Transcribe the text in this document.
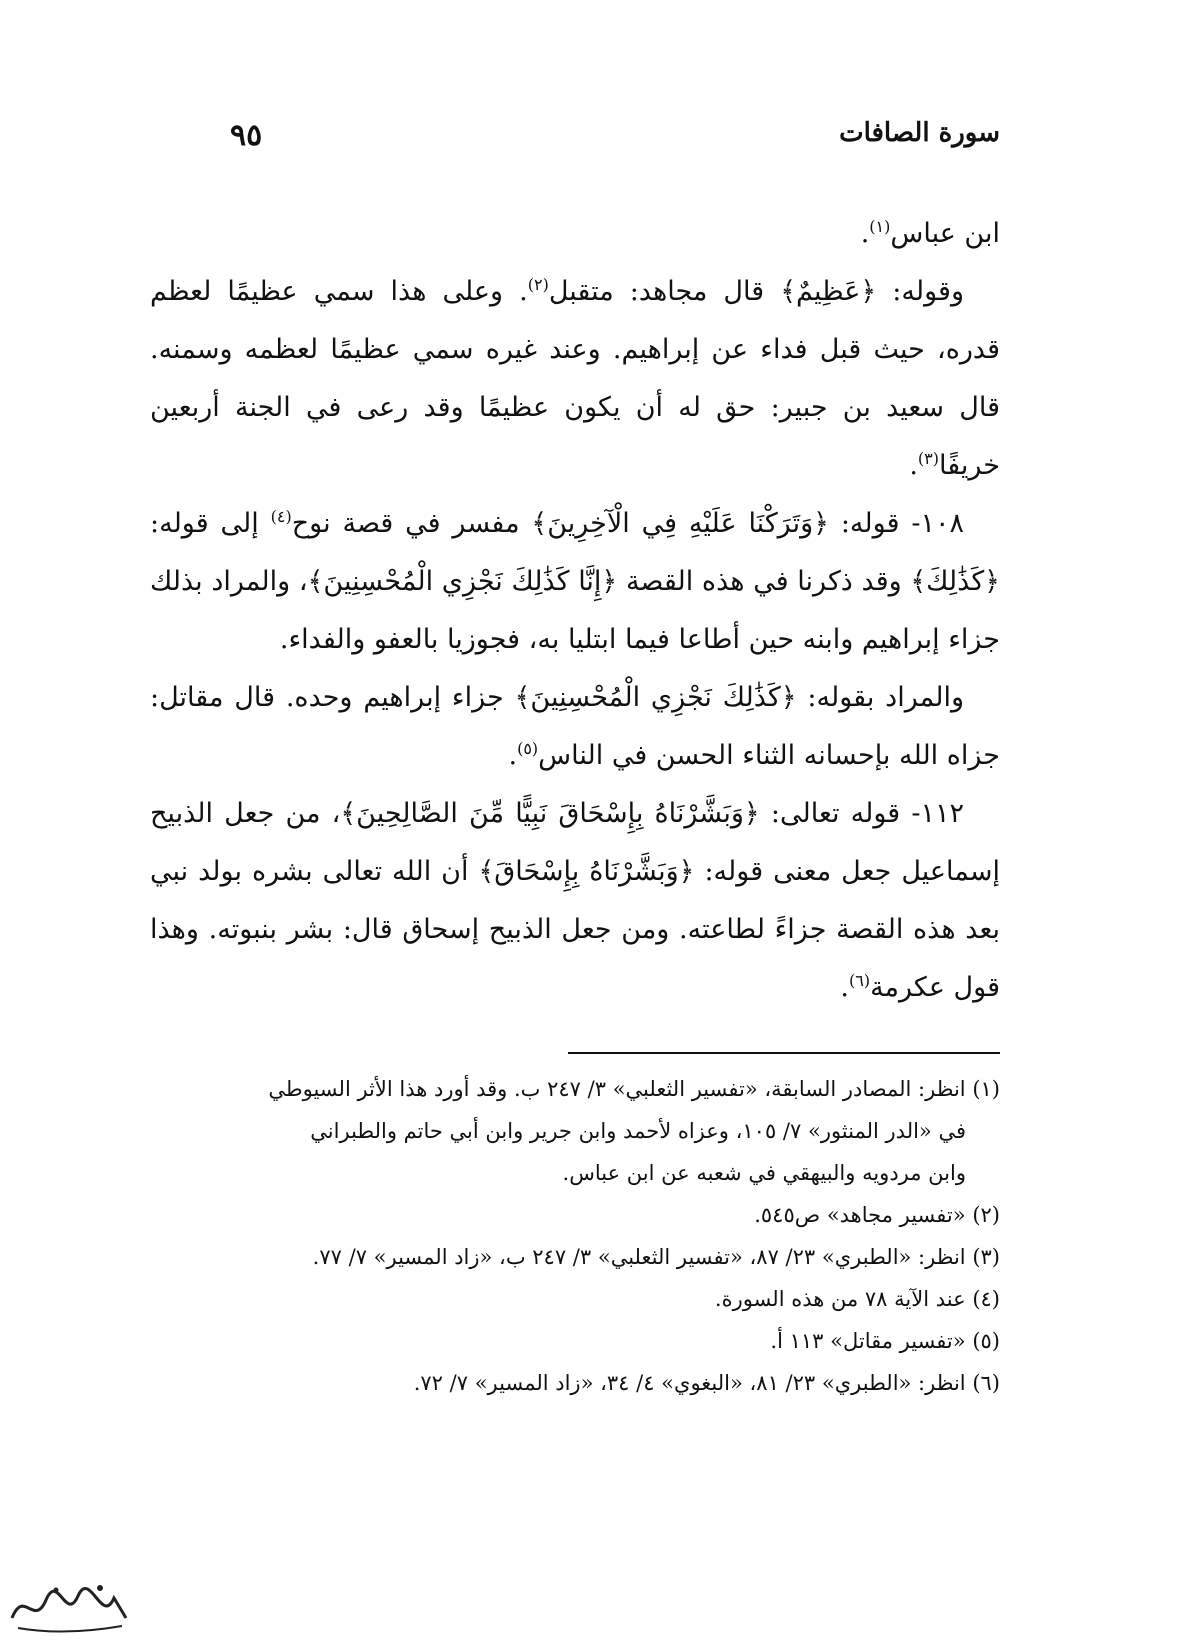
سورة الصافات
٩٥

ابن عباس$^{(١)}$.

وقوله: ﴿عَظِيمٌ﴾ قال مجاهد: متقبل$^{(٢)}$. وعلى هذا سمي عظيمًا لعظم قدره، حيث قبل فداء عن إبراهيم. وعند غيره سمي عظيمًا لعظمه وسمنه. قال سعيد بن جبير: حق له أن يكون عظيمًا وقد رعى في الجنة أربعين خريفًا$^{(٣)}$.

١٠٨- قوله: ﴿وَتَرَكْنَا عَلَيْهِ فِي الْآخِرِينَ﴾ مفسر في قصة نوح$^{(٤)}$ إلى قوله: ﴿كَذَٰلِكَ﴾ وقد ذكرنا في هذه القصة ﴿إِنَّا كَذَٰلِكَ نَجْزِي الْمُحْسِنِينَ﴾، والمراد بذلك جزاء إبراهيم وابنه حين أطاعا فيما ابتليا به، فجوزيا بالعفو والفداء.

والمراد بقوله: ﴿كَذَٰلِكَ نَجْزِي الْمُحْسِنِينَ﴾ جزاء إبراهيم وحده. قال مقاتل: جزاه الله بإحسانه الثناء الحسن في الناس$^{(٥)}$.

١١٢- قوله تعالى: ﴿وَبَشَّرْنَاهُ بِإِسْحَاقَ نَبِيًّا مِّنَ الصَّالِحِينَ﴾، من جعل الذبيح إسماعيل جعل معنى قوله: ﴿وَبَشَّرْنَاهُ بِإِسْحَاقَ﴾ أن الله تعالى بشره بولد نبي بعد هذه القصة جزاءً لطاعته. ومن جعل الذبيح إسحاق قال: بشر بنبوته. وهذا قول عكرمة$^{(٦)}$.

(١) انظر: المصادر السابقة، «تفسير الثعلبي» ٣/ ٢٤٧ ب. وقد أورد هذا الأثر السيوطي

في «الدر المنثور» ٧/ ١٠٥، وعزاه لأحمد وابن جرير وابن أبي حاتم والطبراني

وابن مردويه والبيهقي في شعبه عن ابن عباس.

(٢) «تفسير مجاهد» ص٥٤٥.

(٣) انظر: «الطبري» ٢٣/ ٨٧، «تفسير الثعلبي» ٣/ ٢٤٧ ب، «زاد المسير» ٧/ ٧٧.

(٤) عند الآية ٧٨ من هذه السورة.

(٥) «تفسير مقاتل» ١١٣ أ.

(٦) انظر: «الطبري» ٢٣/ ٨١، «البغوي» ٤/ ٣٤، «زاد المسير» ٧/ ٧٢.
